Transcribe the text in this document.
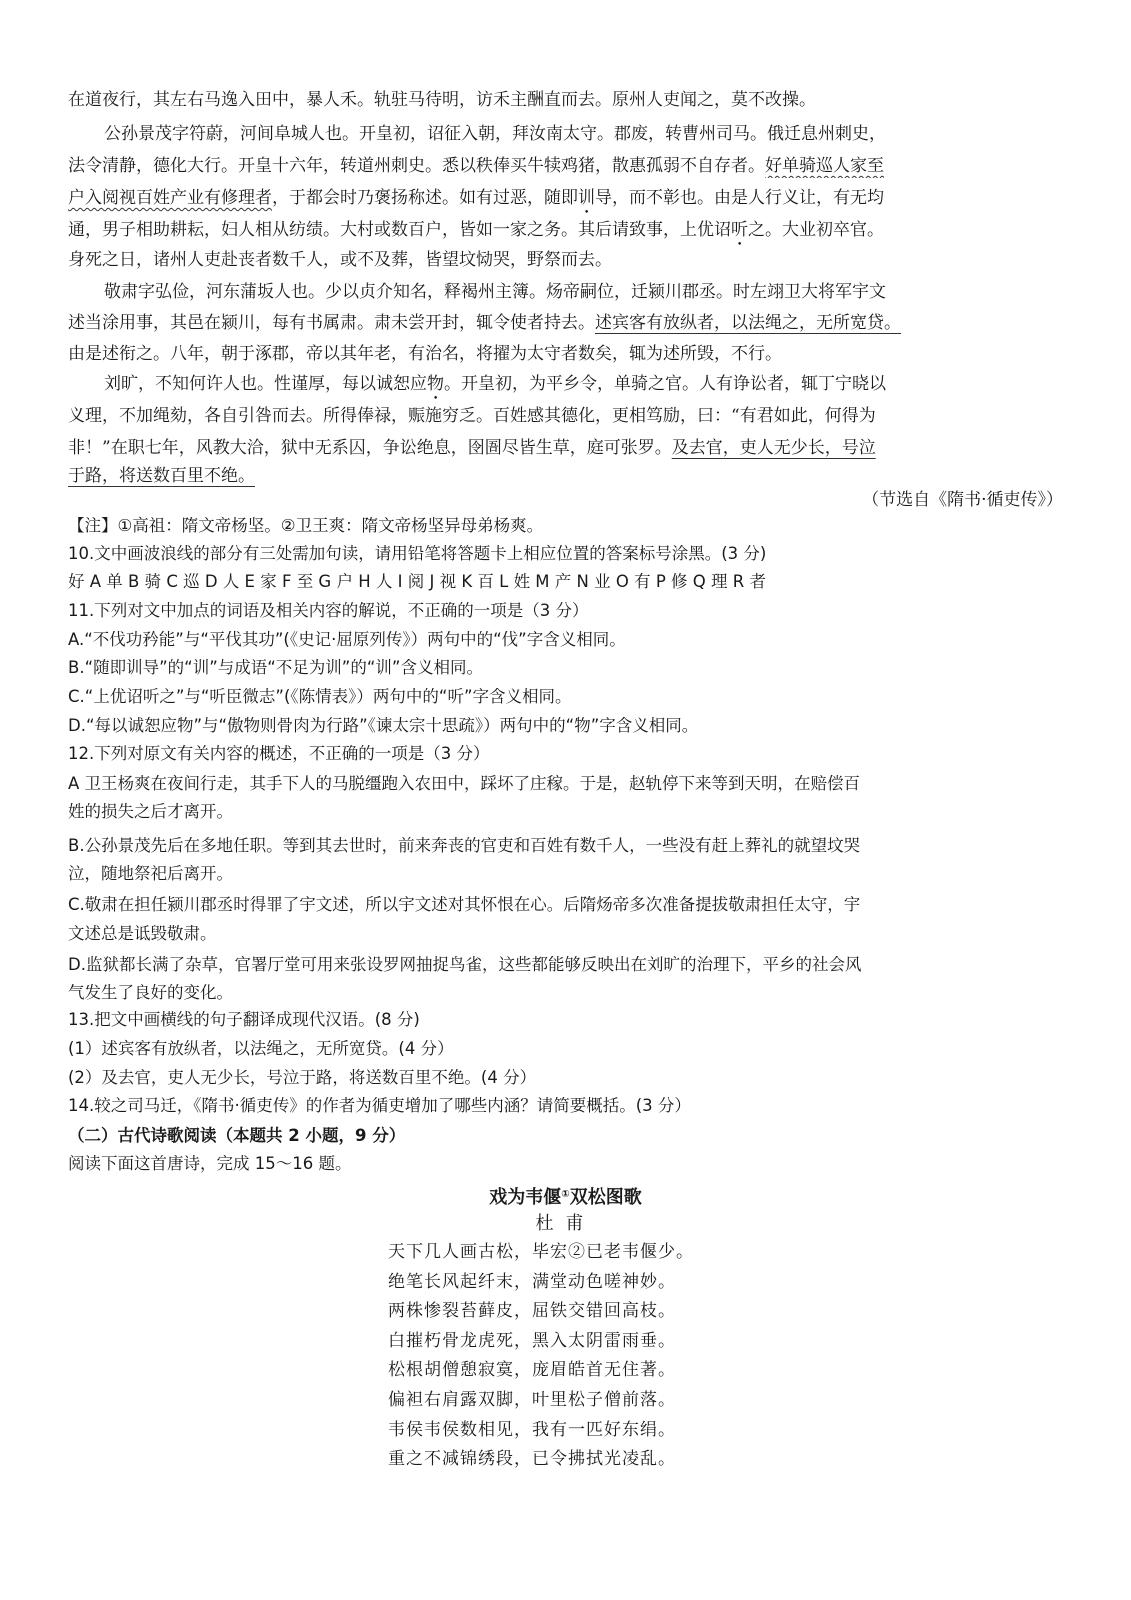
在道夜行，其左右马逸入田中，暴人禾。轨驻马待明，访禾主酬直而去。原州人吏闻之，莫不改操。
公孙景茂字符蔚，河间阜城人也。开皇初，诏征入朝，拜汝南太守。郡废，转曹州司马。俄迁息州刺史，
法令清静，德化大行。开皇十六年，转道州刺史。悉以秩俸买牛犊鸡猪，散惠孤弱不自存者。好单骑巡人家至
户入阅视百姓产业有修理者，于都会时乃褒扬称述。如有过恶，随即训导，而不彰也。由是人行义让，有无均
通，男子相助耕耘，妇人相从纺绩。大村或数百户，皆如一家之务。其后请致事，上优诏听之。大业初卒官。
身死之日，诸州人吏赴丧者数千人，或不及葬，皆望坟恸哭，野祭而去。
敬肃字弘俭，河东蒲坂人也。少以贞介知名，释褐州主簿。炀帝嗣位，迁颍川郡丞。时左翊卫大将军宇文
述当涂用事，其邑在颍川，每有书属肃。肃未尝开封，辄令使者持去。述宾客有放纵者，以法绳之，无所宽贷。
由是述衔之。八年，朝于涿郡，帝以其年老，有治名，将擢为太守者数矣，辄为述所毁，不行。
刘旷，不知何许人也。性谨厚，每以诚恕应物。开皇初，为平乡令，单骑之官。人有诤讼者，辄丁宁晓以
义理，不加绳劾，各自引咎而去。所得俸禄，赈施穷乏。百姓感其德化，更相笃励，曰：“有君如此，何得为
非！”在职七年，风教大洽，狱中无系囚，争讼绝息，囹圄尽皆生草，庭可张罗。及去官，吏人无少长，号泣
于路，将送数百里不绝。
（节选自《隋书·循吏传》）
【注】①高祖：隋文帝杨坚。②卫王爽：隋文帝杨坚异母弟杨爽。
10.文中画波浪线的部分有三处需加句读，请用铅笔将答题卡上相应位置的答案标号涂黑。(3 分)
好 A 单 B 骑 C 巡 D 人 E 家 F 至 G 户 H 人 I 阅 J 视 K 百 L 姓 M 产 N 业 O 有 P 修 Q 理 R 者
11.下列对文中加点的词语及相关内容的解说，不正确的一项是（3 分）
A.“不伐功矜能”与“平伐其功”(《史记·屈原列传》）两句中的“伐”字含义相同。
B.“随即训导”的“训”与成语“不足为训”的“训”含义相同。
C.“上优诏听之”与“听臣微志”(《陈情表》）两句中的“听”字含义相同。
D.“每以诚恕应物”与“傲物则骨肉为行路”《谏太宗十思疏》）两句中的“物”字含义相同。
12.下列对原文有关内容的概述，不正确的一项是（3 分）
A 卫王杨爽在夜间行走，其手下人的马脱缰跑入农田中，踩坏了庄稼。于是，赵轨停下来等到天明，在赔偿百
姓的损失之后才离开。
B.公孙景茂先后在多地任职。等到其去世时，前来奔丧的官吏和百姓有数千人，一些没有赶上葬礼的就望坟哭
泣，随地祭祀后离开。
C.敬肃在担任颍川郡丞时得罪了宇文述，所以宇文述对其怀恨在心。后隋炀帝多次准备提拔敬肃担任太守，宇
文述总是诋毁敬肃。
D.监狱都长满了杂草，官署厅堂可用来张设罗网抽捉鸟雀，这些都能够反映出在刘旷的治理下，平乡的社会风
气发生了良好的变化。
13.把文中画横线的句子翻译成现代汉语。(8 分)
(1）述宾客有放纵者，以法绳之，无所宽贷。(4 分）
(2）及去官，吏人无少长，号泣于路，将送数百里不绝。(4 分）
14.较之司马迁，《隋书·循吏传》的作者为循吏增加了哪些内涵？请简要概括。(3 分）
（二）古代诗歌阅读（本题共 2 小题，9 分）
阅读下面这首唐诗，完成 15～16 题。
戏为韦偃①双松图歌
杜甫
天下几人画古松，毕宏②已老韦偃少。
绝笔长风起纤末，满堂动色嗟神妙。
两株惨裂苔藓皮，屈铁交错回高枝。
白摧朽骨龙虎死，黑入太阴雷雨垂。
松根胡僧憩寂寞，庞眉皓首无住著。
偏袒右肩露双脚，叶里松子僧前落。
韦侯韦侯数相见，我有一匹好东绢。
重之不减锦绣段，已令拂拭光凌乱。
